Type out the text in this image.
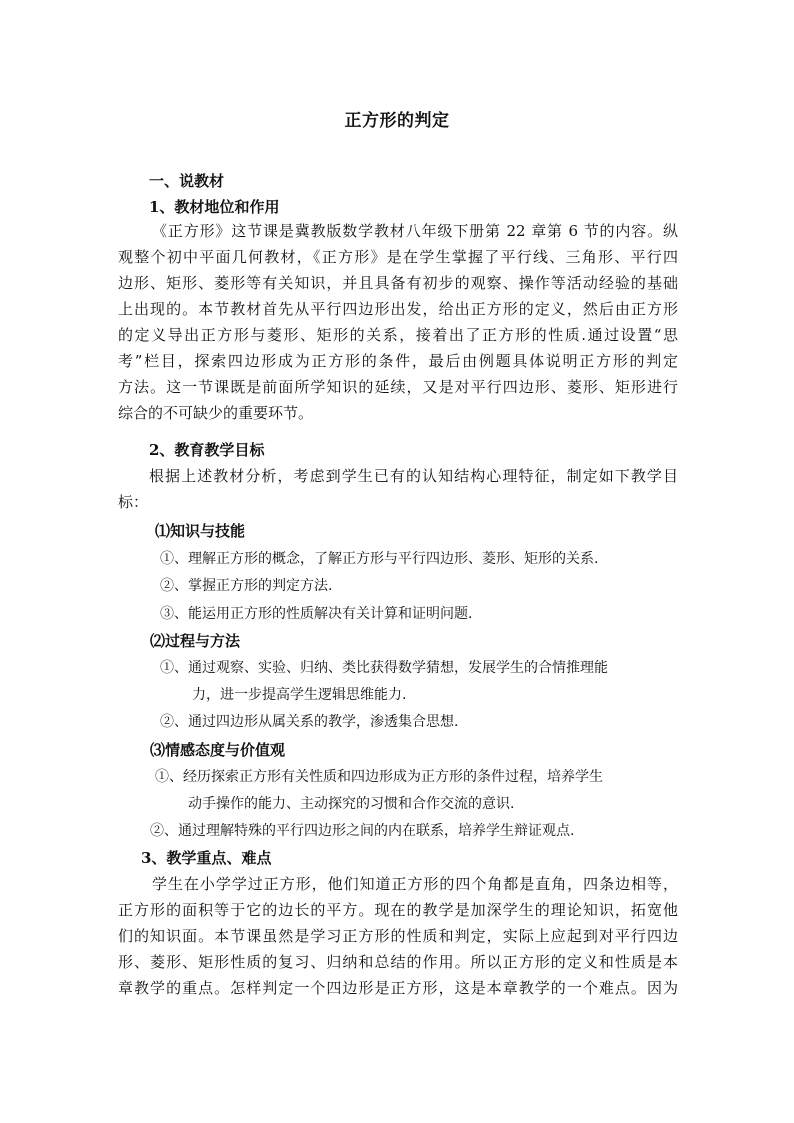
正方形的判定
一、说教材
1、教材地位和作用
《正方形》这节课是冀教版数学教材八年级下册第 22 章第 6 节的内容。纵
观整个初中平面几何教材，《正方形》是在学生掌握了平行线、三角形、平行四
边形、矩形、菱形等有关知识，并且具备有初步的观察、操作等活动经验的基础
上出现的。本节教材首先从平行四边形出发，给出正方形的定义，然后由正方形
的定义导出正方形与菱形、矩形的关系，接着出了正方形的性质.通过设置“思
考”栏目，探索四边形成为正方形的条件，最后由例题具体说明正方形的判定
方法。这一节课既是前面所学知识的延续，又是对平行四边形、菱形、矩形进行
综合的不可缺少的重要环节。
2、教育教学目标
根据上述教材分析，考虑到学生已有的认知结构心理特征，制定如下教学目
标：
⑴知识与技能
①、理解正方形的概念，了解正方形与平行四边形、菱形、矩形的关系.
②、掌握正方形的判定方法.
③、能运用正方形的性质解决有关计算和证明问题.
⑵过程与方法
①、通过观察、实验、归纳、类比获得数学猜想，发展学生的合情推理能
力，进一步提高学生逻辑思维能力.
②、通过四边形从属关系的教学，渗透集合思想.
⑶情感态度与价值观
①、经历探索正方形有关性质和四边形成为正方形的条件过程，培养学生
动手操作的能力、主动探究的习惯和合作交流的意识.
②、通过理解特殊的平行四边形之间的内在联系，培养学生辩证观点.
3、教学重点、难点
学生在小学学过正方形，他们知道正方形的四个角都是直角，四条边相等，
正方形的面积等于它的边长的平方。现在的教学是加深学生的理论知识，拓宽他
们的知识面。本节课虽然是学习正方形的性质和判定，实际上应起到对平行四边
形、菱形、矩形性质的复习、归纳和总结的作用。所以正方形的定义和性质是本
章教学的重点。怎样判定一个四边形是正方形，这是本章教学的一个难点。因为
